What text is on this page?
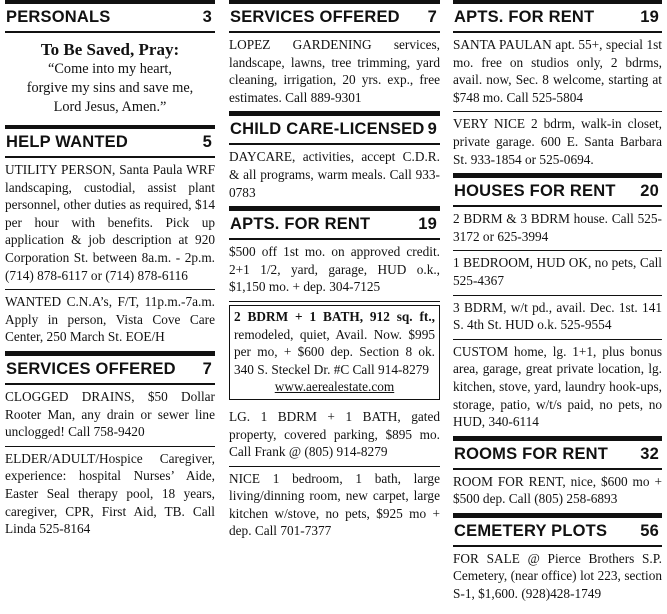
PERSONALS	3
To Be Saved, Pray:
“Come into my heart,
forgive my sins and save me,
Lord Jesus, Amen.”
HELP WANTED	5
UTILITY PERSON, Santa Paula WRF landscaping, custodial, assist plant personnel, other duties as required, $14 per hour with benefits. Pick up application & job description at 920 Corporation St. between 8a.m. - 2p.m. (714) 878-6117 or (714) 878-6116
WANTED C.N.A’s, F/T, 11p.m.-7a.m. Apply in person, Vista Cove Care Center, 250 March St. EOE/H
SERVICES OFFERED 7
CLOGGED DRAINS, $50 Dollar Rooter Man, any drain or sewer line unclogged! Call 758-9420
ELDER/ADULT/Hospice Caregiver, experience: hospital Nurses’ Aide, Easter Seal therapy pool, 18 years, caregiver, CPR, First Aid, TB. Call Linda 525-8164
SERVICES OFFERED 7
LOPEZ GARDENING services, landscape, lawns, tree trimming, yard cleaning, irrigation, 20 yrs. exp., free estimates. Call 889-9301
CHILD CARE-LICENSED 9
DAYCARE, activities, accept C.D.R. & all programs, warm meals. Call 933-0783
APTS. FOR RENT	19
$500 off 1st mo. on approved credit. 2+1 1/2, yard, garage, HUD o.k., $1,150 mo. + dep. 304-7125
2 BDRM + 1 BATH, 912 sq. ft., remodeled, quiet, Avail. Now. $995 per mo, + $600 dep. Section 8 ok. 340 S. Steckel Dr. #C Call 914-8279
www.aerealestate.com
LG. 1 BDRM + 1 BATH, gated property, covered parking, $895 mo. Call Frank @ (805) 914-8279
NICE 1 bedroom, 1 bath, large living/dinning room, new carpet, large kitchen w/stove, no pets, $925 mo + dep. Call 701-7377
APTS. FOR RENT	19
SANTA PAULAN apt. 55+, special 1st mo. free on studios only, 2 bdrms, avail. now, Sec. 8 welcome, starting at $748 mo. Call 525-5804
VERY NICE 2 bdrm, walk-in closet, private garage. 600 E. Santa Barbara St. 933-1854 or 525-0694.
HOUSES FOR RENT 20
2 BDRM & 3 BDRM house. Call 525-3172 or 625-3994
1 BEDROOM, HUD OK, no pets, Call 525-4367
3 BDRM, w/t pd., avail. Dec. 1st. 141 S. 4th St. HUD o.k. 525-9554
CUSTOM home, lg. 1+1, plus bonus area, garage, great private location, lg. kitchen, stove, yard, laundry hook-ups, storage, patio, w/t/s paid, no pets, no HUD, 340-6114
ROOMS FOR RENT 32
ROOM FOR RENT, nice, $600 mo + $500 dep. Call (805) 258-6893
CEMETERY PLOTS 56
FOR SALE @ Pierce Brothers S.P. Cemetery, (near office) lot 223, section S-1, $1,600. (928)428-1749
